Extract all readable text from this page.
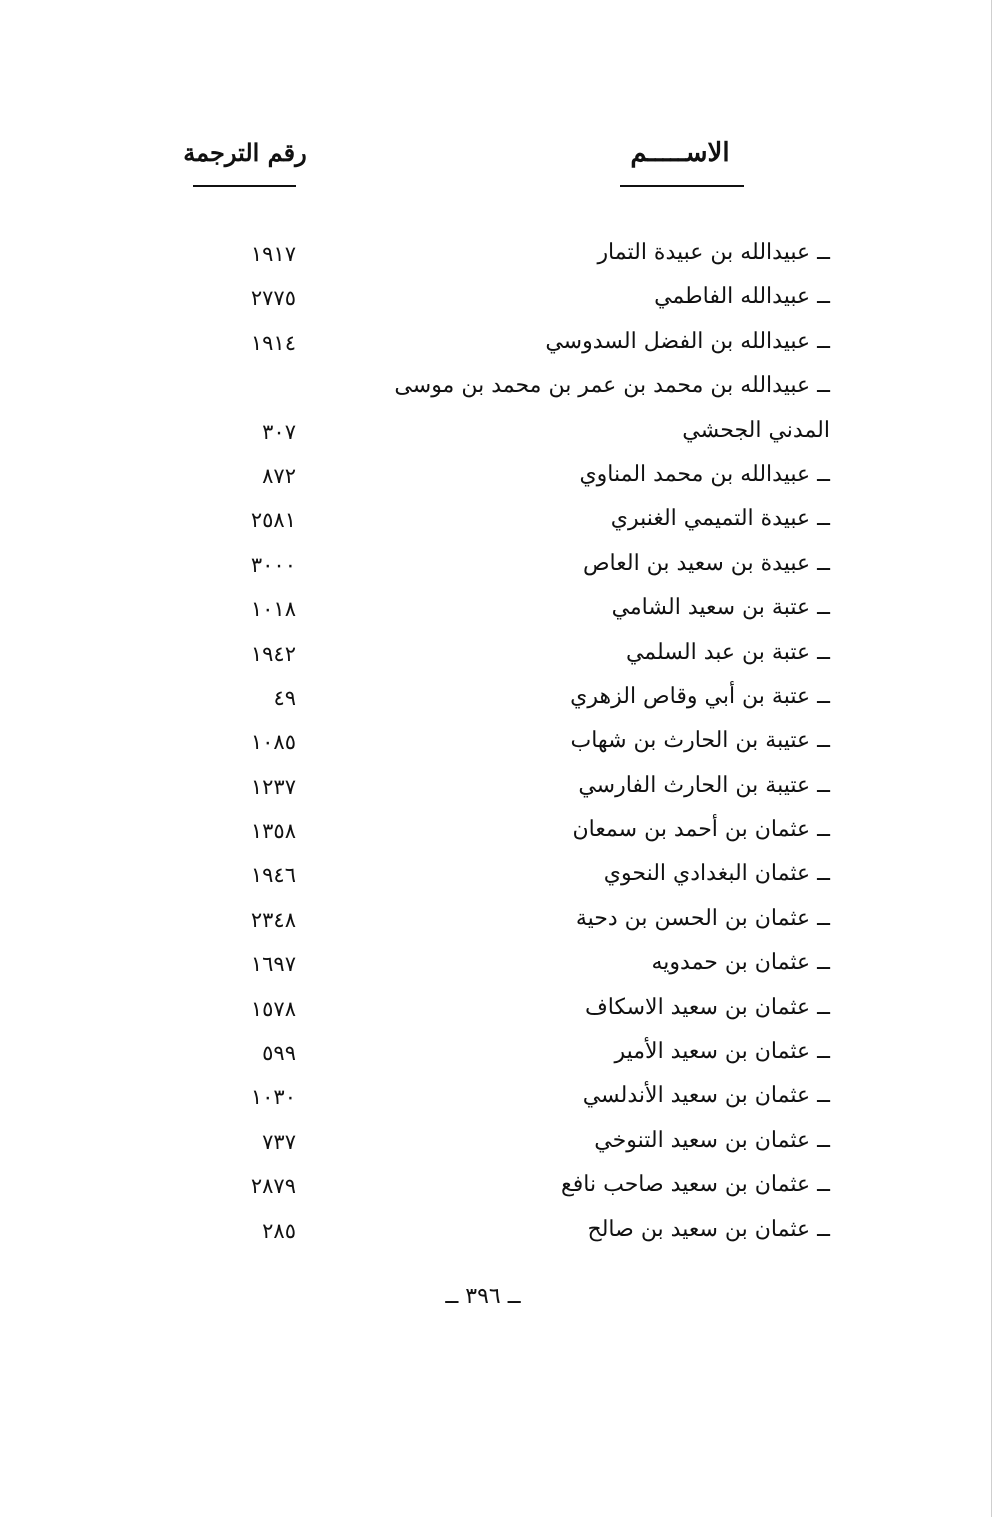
الاســـــم
رقم الترجمة
ــ عبيدالله بن عبيدة التمار
١٩١٧
ــ عبيدالله الفاطمي
٢٧٧٥
ــ عبيدالله بن الفضل السدوسي
١٩١٤
ــ عبيدالله بن محمد بن عمر بن محمد بن موسى
المدني الجحشي
٣٠٧
ــ عبيدالله بن محمد المناوي
٨٧٢
ــ عبيدة التميمي الغنبري
٢٥٨١
ــ عبيدة بن سعيد بن العاص
٣٠٠٠
ــ عتبة بن سعيد الشامي
١٠١٨
ــ عتبة بن عبد السلمي
١٩٤٢
ــ عتبة بن أبي وقاص الزهري
٤٩
ــ عتيبة بن الحارث بن شهاب
١٠٨٥
ــ عتيبة بن الحارث الفارسي
١٢٣٧
ــ عثمان بن أحمد بن سمعان
١٣٥٨
ــ عثمان البغدادي النحوي
١٩٤٦
ــ عثمان بن الحسن بن دحية
٢٣٤٨
ــ عثمان بن حمدويه
١٦٩٧
ــ عثمان بن سعيد الاسكاف
١٥٧٨
ــ عثمان بن سعيد الأمير
٥٩٩
ــ عثمان بن سعيد الأندلسي
١٠٣٠
ــ عثمان بن سعيد التنوخي
٧٣٧
ــ عثمان بن سعيد صاحب نافع
٢٨٧٩
ــ عثمان بن سعيد بن صالح
٢٨٥
ــ ٣٩٦ ــ
